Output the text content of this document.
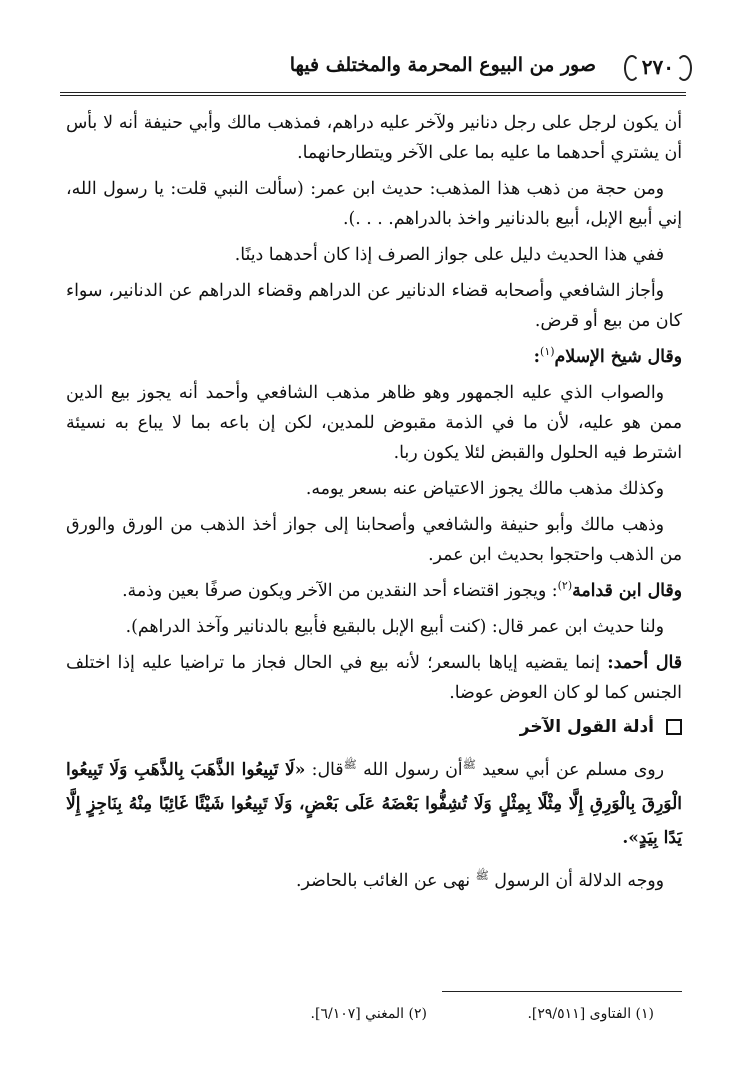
٢٧٠
صور من البيوع المحرمة والمختلف فيها

أن يكون لرجل على رجل دنانير ولآخر عليه دراهم، فمذهب مالك وأبي حنيفة أنه لا بأس أن يشتري أحدهما ما عليه بما على الآخر ويتطارحانهما.

ومن حجة من ذهب هذا المذهب: حديث ابن عمر: (سألت النبي قلت: يا رسول الله، إني أبيع الإبل، أبيع بالدنانير واخذ بالدراهم. . . .).

ففي هذا الحديث دليل على جواز الصرف إذا كان أحدهما دينًا.

وأجاز الشافعي وأصحابه قضاء الدنانير عن الدراهم وقضاء الدراهم عن الدنانير، سواء كان من بيع أو قرض.

وقال شيخ الإسلام$^{(١)}$:

والصواب الذي عليه الجمهور وهو ظاهر مذهب الشافعي وأحمد أنه يجوز بيع الدين ممن هو عليه، لأن ما في الذمة مقبوض للمدين، لكن إن باعه بما لا يباع به نسيئة اشترط فيه الحلول والقبض لئلا يكون ربا.

وكذلك مذهب مالك يجوز الاعتياض عنه بسعر يومه.

وذهب مالك وأبو حنيفة والشافعي وأصحابنا إلى جواز أخذ الذهب من الورق والورق من الذهب واحتجوا بحديث ابن عمر.

وقال ابن قدامة$^{(٢)}$: ويجوز اقتضاء أحد النقدين من الآخر ويكون صرفًا بعين وذمة.

ولنا حديث ابن عمر قال: (كنت أبيع الإبل بالبقيع فأبيع بالدنانير وآخذ الدراهم).

قال أحمد: إنما يقضيه إياها بالسعر؛ لأنه بيع في الحال فجاز ما تراضيا عليه إذا اختلف الجنس كما لو كان العوض عوضا.

أدلة القول الآخر

روى مسلم عن أبي سعيد $^ﷺ$أن رسول الله $^ﷺ$قال: «لَا تَبِيعُوا الذَّهَبَ بِالذَّهَبِ وَلَا تَبِيعُوا الْوَرِقَ بِالْوَرِقِ إِلَّا مِثْلًا بِمِثْلٍ وَلَا تُشِفُّوا بَعْضَهُ عَلَى بَعْضٍ، وَلَا تَبِيعُوا شَيْئًا غَائِبًا مِنْهُ بِنَاجِزٍ إِلَّا يَدًا بِيَدٍ».

ووجه الدلالة أن الرسول $^ﷺ$ نهى عن الغائب بالحاضر.

(١) الفتاوى [٢٩/٥١١].
(٢) المغني [٦/١٠٧].
